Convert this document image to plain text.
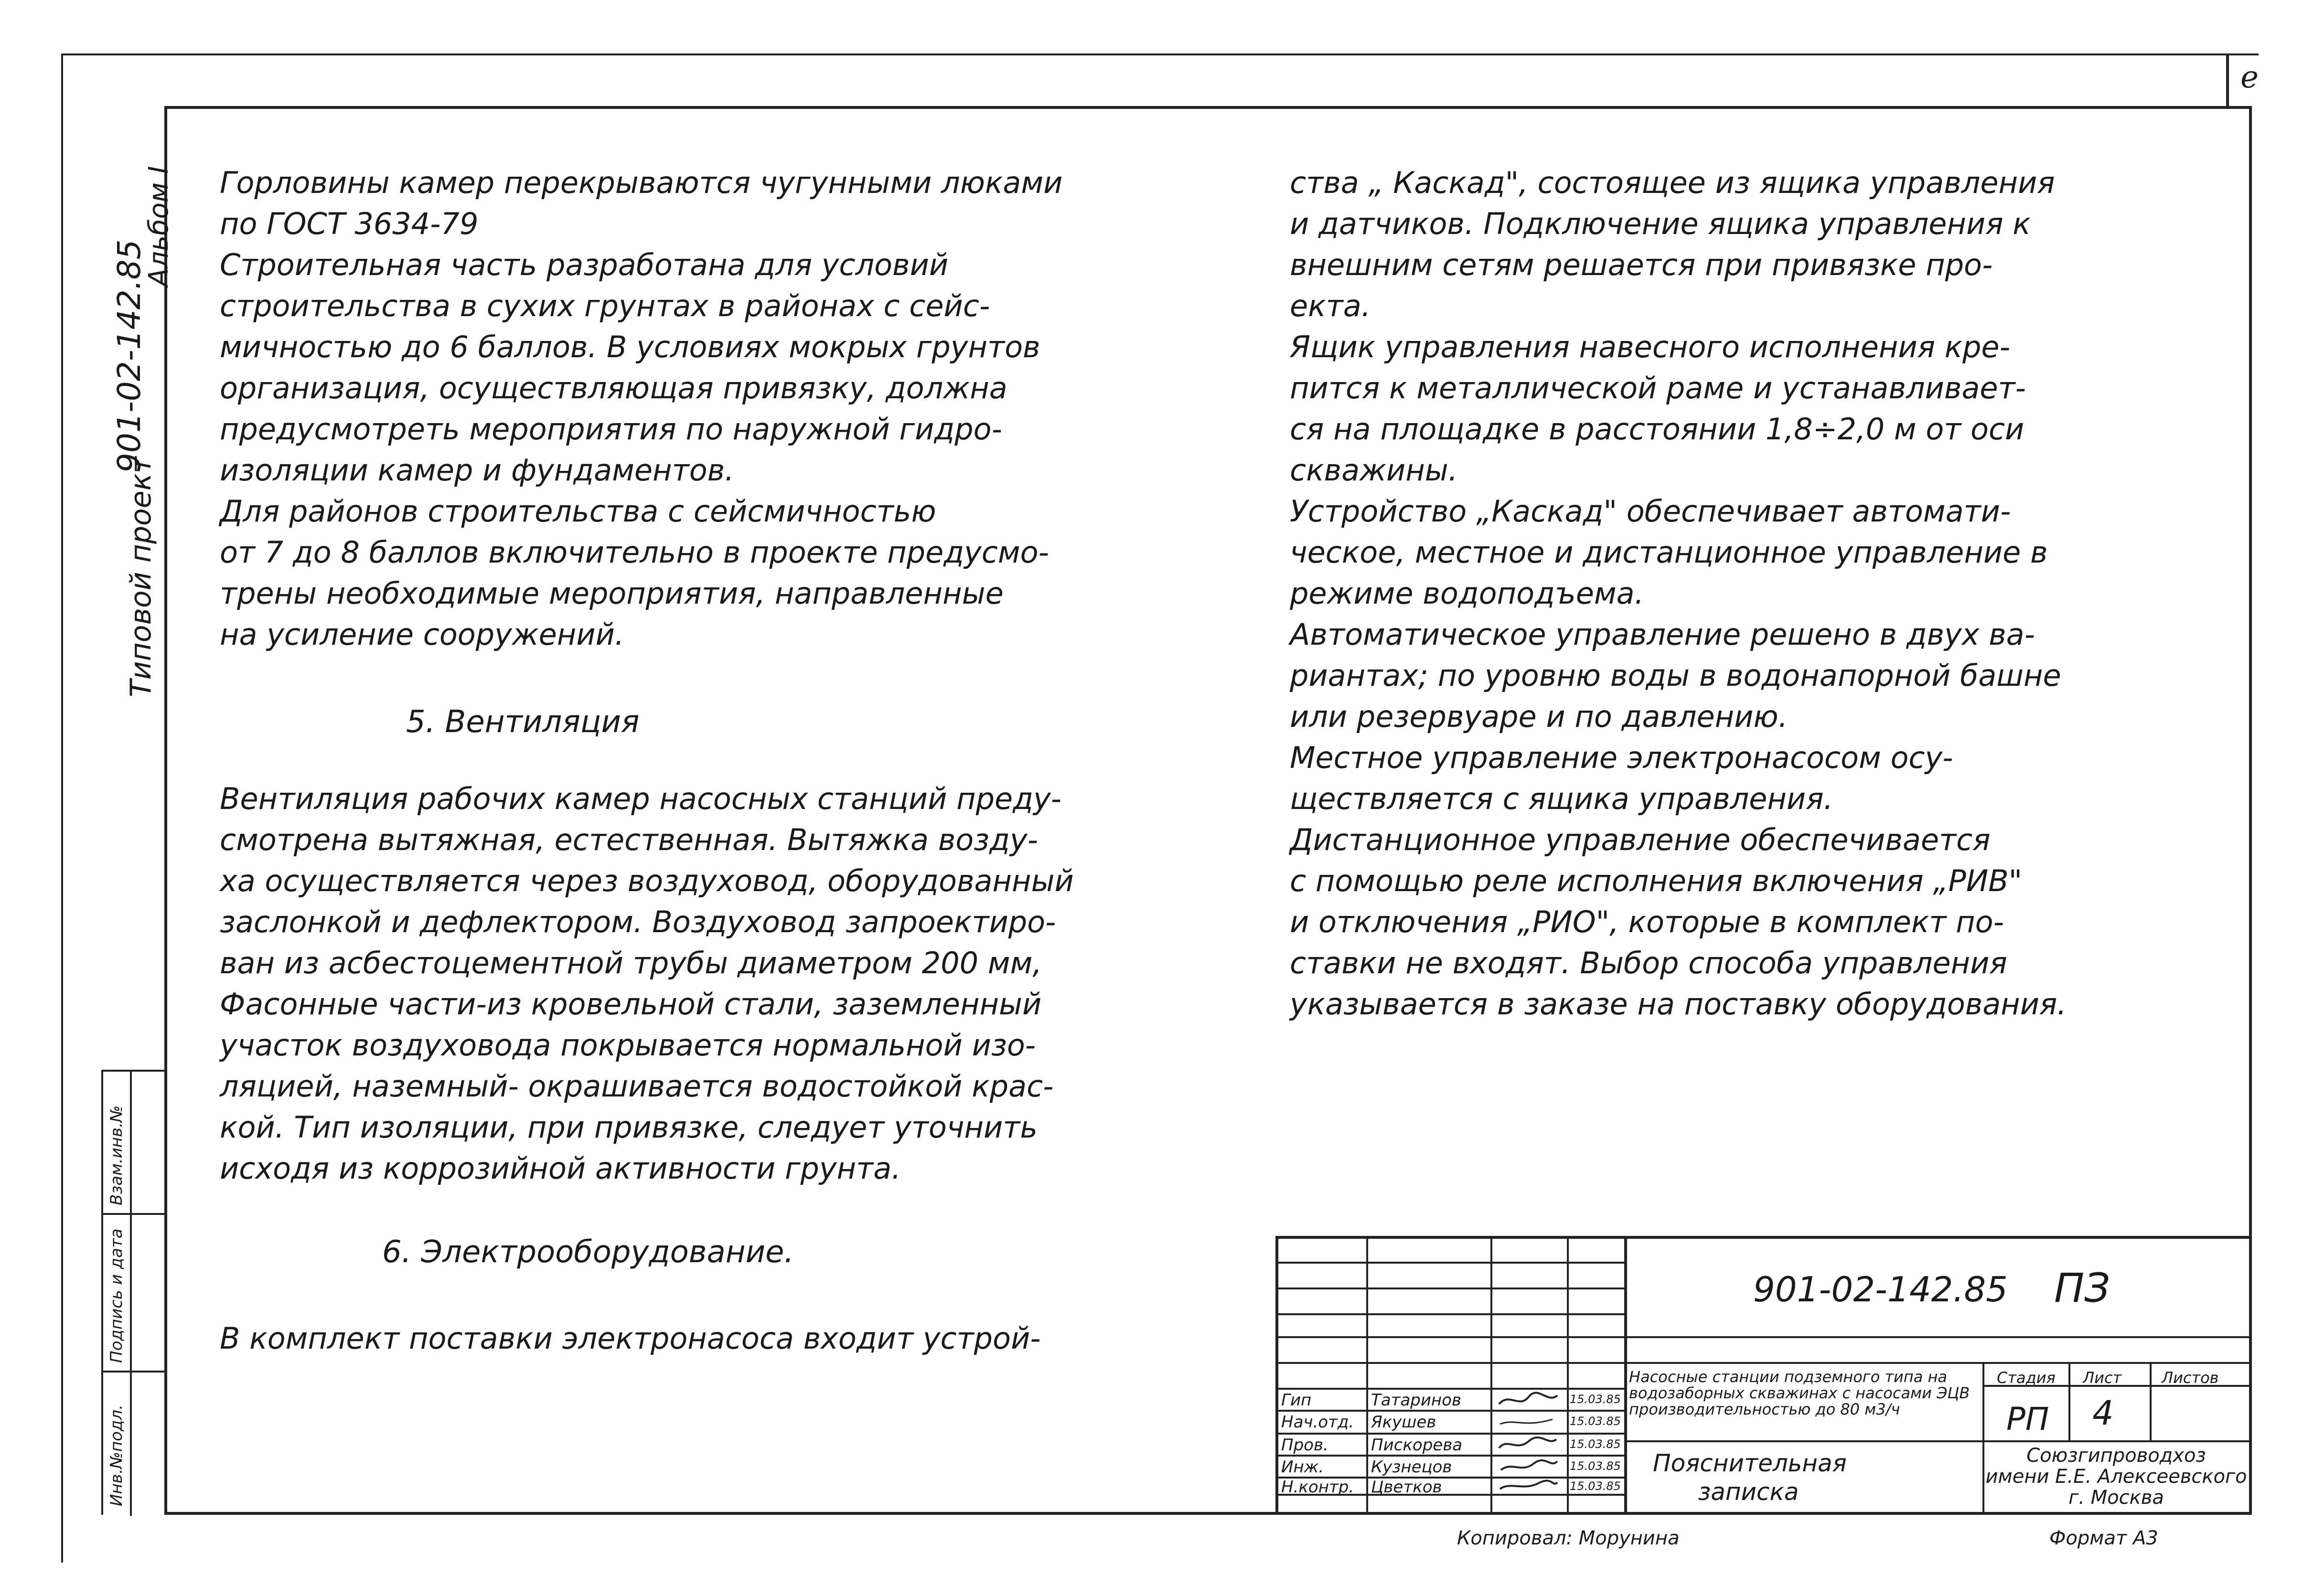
е
901-02-142.85
Альбом I
Типовой проект
Взам.инв.№
Подпись и дата
Инв.№подл.

Горловины камер перекрываются чугунными люками

по ГОСТ 3634-79

Строительная часть разработана для условий

строительства в сухих грунтах в районах с сейс-

мичностью до 6 баллов. В условиях мокрых грунтов

организация, осуществляющая привязку, должна

предусмотреть мероприятия по наружной гидро-

изоляции камер и фундаментов.

Для районов строительства с сейсмичностью

от 7 до 8 баллов включительно в проекте предусмо-

трены необходимые мероприятия, направленные

на усиление сооружений.

5. Вентиляция

Вентиляция рабочих камер насосных станций преду-

смотрена вытяжная, естественная. Вытяжка возду-

ха осуществляется через воздуховод, оборудованный

заслонкой и дефлектором. Воздуховод запроектиро-

ван из асбестоцементной трубы диаметром 200 мм,

Фасонные части-из кровельной стали, заземленный

участок воздуховода покрывается нормальной изо-

ляцией, наземный- окрашивается водостойкой крас-

кой. Тип изоляции, при привязке, следует уточнить

исходя из коррозийной активности грунта.

6. Электрооборудование.

В комплект поставки электронасоса входит устрой-

ства „ Каскад", состоящее из ящика управления

и датчиков. Подключение ящика управления к

внешним сетям решается при привязке про-

екта.

Ящик управления навесного исполнения кре-

пится к металлической раме и устанавливает-

ся на площадке в расстоянии 1,8÷2,0 м от оси

скважины.

Устройство „Каскад" обеспечивает автомати-

ческое, местное и дистанционное управление в

режиме водоподъема.

Автоматическое управление решено в двух ва-

риантах; по уровню воды в водонапорной башне

или резервуаре и по давлению.

Местное управление электронасосом осу-

ществляется с ящика управления.

Дистанционное управление обеспечивается

с помощью реле исполнения включения „РИВ"

и отключения „РИО", которые в комплект по-

ставки не входят. Выбор способа управления

указывается в заказе на поставку оборудования.

901-02-142.85 ПЗ
Насосные станции подземного типа на водозаборных скважинах с насосами ЭЦВ производительностью до 80 м3/ч
Пояснительная
записка
Стадия Лист	Листов
РП 4
Союзгипроводхоз
имени Е.Е. Алексеевского
г. Москва
Гип	Татаринов	15.03.85
Нач.отд. Якушев	15.03.85
Пров.	Пискорева	15.03.85
Инж.	Кузнецов	15.03.85
Н.контр. Цветков	15.03.85
Копировал: Морунина	Формат А3
